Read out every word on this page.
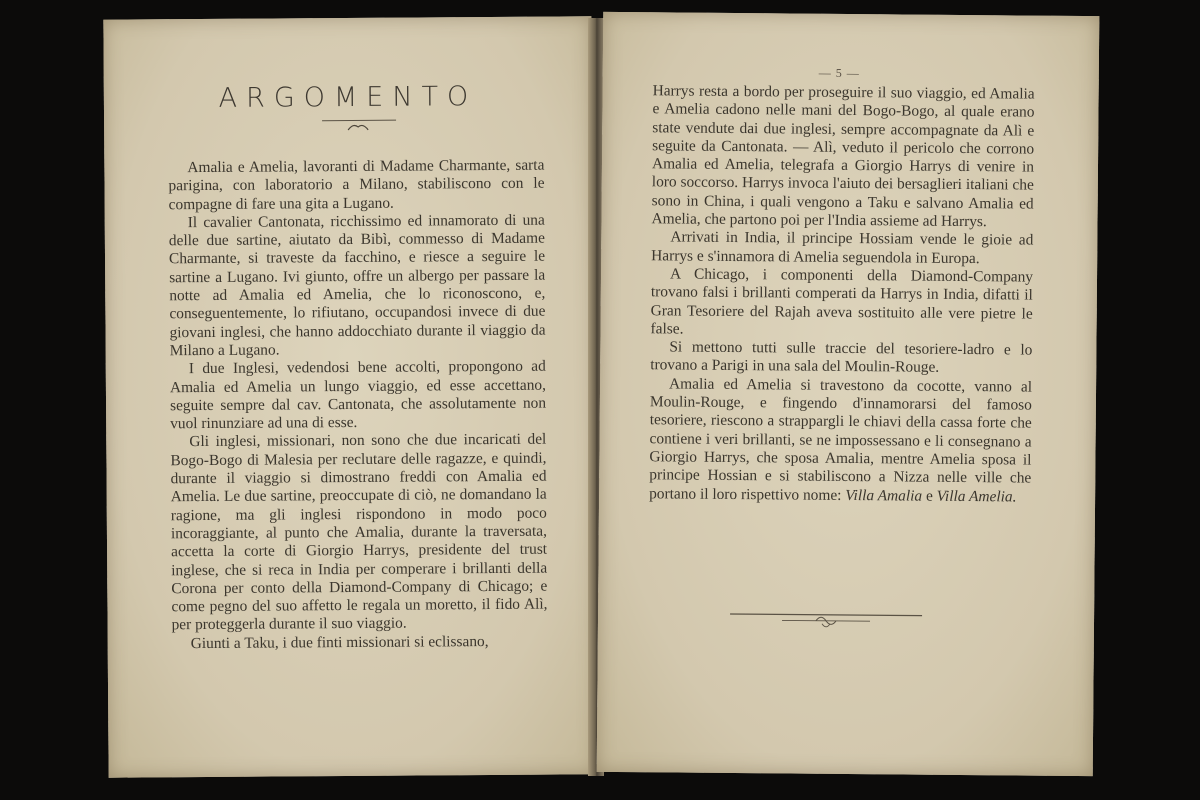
ARGOMENTO

Amalia e Amelia, lavoranti di Madame Charmante, sarta parigina, con laboratorio a Milano, stabiliscono con le compagne di fare una gita a Lugano.

Il cavalier Cantonata, ricchissimo ed innamorato di una delle due sartine, aiutato da Bibì, commesso di Madame Charmante, si traveste da facchino, e riesce a seguire le sartine a Lugano. Ivi giunto, offre un albergo per passare la notte ad Amalia ed Amelia, che lo riconoscono, e, conseguentemente, lo rifiutano, occupandosi invece di due giovani inglesi, che hanno addocchiato durante il viaggio da Milano a Lugano.

I due Inglesi, vedendosi bene accolti, propongono ad Amalia ed Amelia un lungo viaggio, ed esse accettano, seguite sempre dal cav. Cantonata, che assolutamente non vuol rinunziare ad una di esse.

Gli inglesi, missionari, non sono che due incaricati del Bogo-Bogo di Malesia per reclutare delle ragazze, e quindi, durante il viaggio si dimostrano freddi con Amalia ed Amelia. Le due sartine, preoccupate di ciò, ne domandano la ragione, ma gli inglesi rispondono in modo poco incoraggiante, al punto che Amalia, durante la traversata, accetta la corte di Giorgio Harrys, presidente del trust inglese, che si reca in India per comperare i brillanti della Corona per conto della Diamond-Company di Chicago; e come pegno del suo affetto le regala un moretto, il fido Alì, per proteggerla durante il suo viaggio.

Giunti a Taku, i due finti missionari si eclissano,

— 5 —

Harrys resta a bordo per proseguire il suo viaggio, ed Amalia e Amelia cadono nelle mani del Bogo-Bogo, al quale erano state vendute dai due inglesi, sempre accompagnate da Alì e seguite da Cantonata. — Alì, veduto il pericolo che corrono Amalia ed Amelia, telegrafa a Giorgio Harrys di venire in loro soccorso. Harrys invoca l'aiuto dei bersaglieri italiani che sono in China, i quali vengono a Taku e salvano Amalia ed Amelia, che partono poi per l'India assieme ad Harrys.

Arrivati in India, il principe Hossiam vende le gioie ad Harrys e s'innamora di Amelia seguendola in Europa.

A Chicago, i componenti della Diamond-Company trovano falsi i brillanti comperati da Harrys in India, difatti il Gran Tesoriere del Rajah aveva sostituito alle vere pietre le false.

Si mettono tutti sulle traccie del tesoriere-ladro e lo trovano a Parigi in una sala del Moulin-Rouge.

Amalia ed Amelia si travestono da cocotte, vanno al Moulin-Rouge, e fingendo d'innamorarsi del famoso tesoriere, riescono a strappargli le chiavi della cassa forte che contiene i veri brillanti, se ne impossessano e li consegnano a Giorgio Harrys, che sposa Amalia, mentre Amelia sposa il principe Hossian e si stabiliscono a Nizza nelle ville che portano il loro rispettivo nome: Villa Amalia e Villa Amelia.
